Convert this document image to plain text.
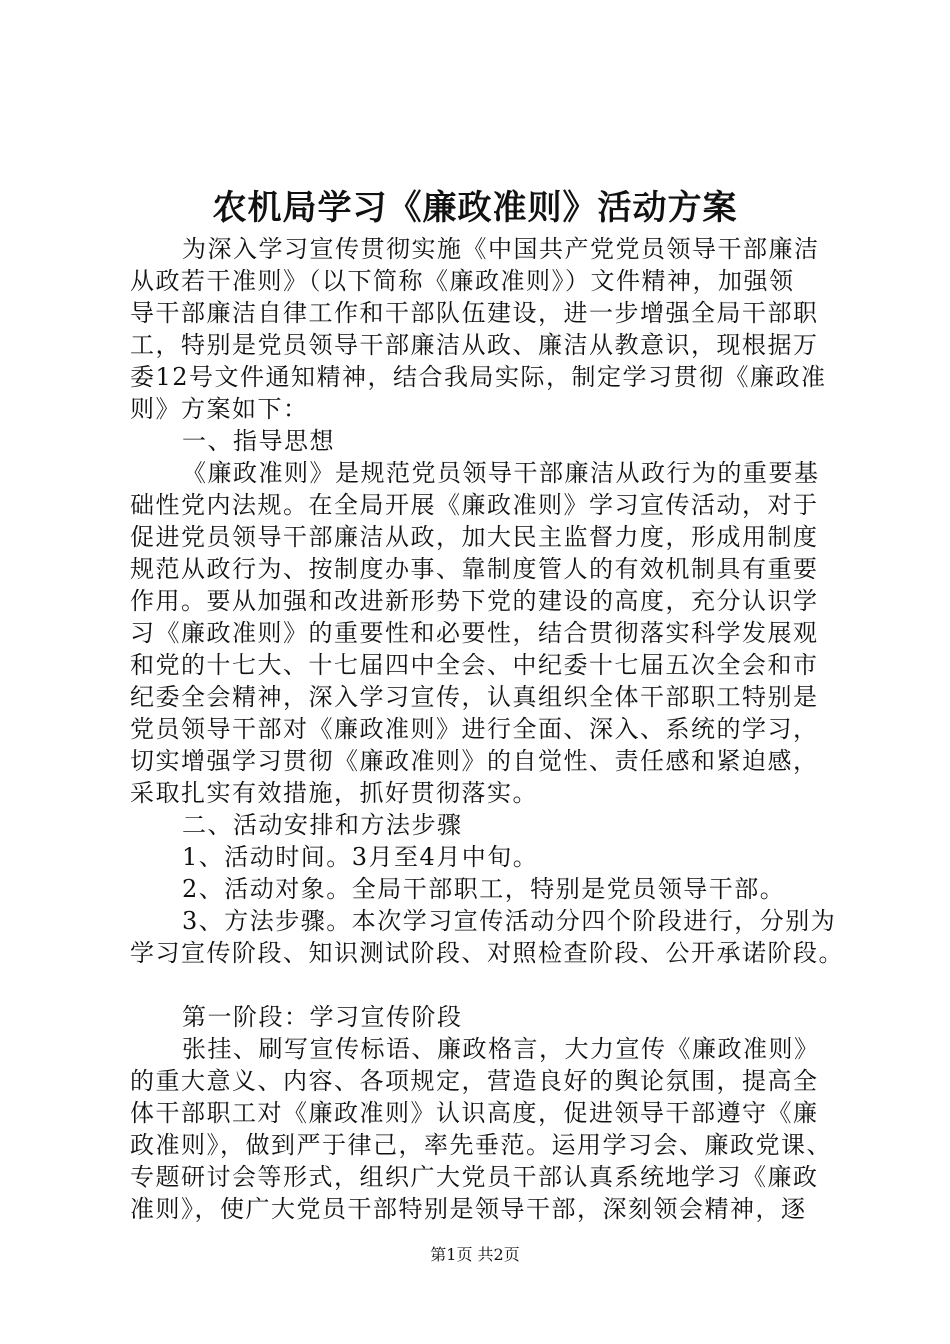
农机局学习《廉政准则》活动方案
为深入学习宣传贯彻实施《中国共产党党员领导干部廉洁
从政若干准则》（以下简称《廉政准则》）文件精神，加强领
导干部廉洁自律工作和干部队伍建设，进一步增强全局干部职
工，特别是党员领导干部廉洁从政、廉洁从教意识，现根据万
委12号文件通知精神，结合我局实际，制定学习贯彻《廉政准
则》方案如下：
一、指导思想
《廉政准则》是规范党员领导干部廉洁从政行为的重要基
础性党内法规。在全局开展《廉政准则》学习宣传活动，对于
促进党员领导干部廉洁从政，加大民主监督力度，形成用制度
规范从政行为、按制度办事、靠制度管人的有效机制具有重要
作用。要从加强和改进新形势下党的建设的高度，充分认识学
习《廉政准则》的重要性和必要性，结合贯彻落实科学发展观
和党的十七大、十七届四中全会、中纪委十七届五次全会和市
纪委全会精神，深入学习宣传，认真组织全体干部职工特别是
党员领导干部对《廉政准则》进行全面、深入、系统的学习，
切实增强学习贯彻《廉政准则》的自觉性、责任感和紧迫感，
采取扎实有效措施，抓好贯彻落实。
二、活动安排和方法步骤
1、活动时间。3月至4月中旬。
2、活动对象。全局干部职工，特别是党员领导干部。
3、方法步骤。本次学习宣传活动分四个阶段进行，分别为
学习宣传阶段、知识测试阶段、对照检查阶段、公开承诺阶段。
第一阶段：学习宣传阶段
张挂、刷写宣传标语、廉政格言，大力宣传《廉政准则》
的重大意义、内容、各项规定，营造良好的舆论氛围，提高全
体干部职工对《廉政准则》认识高度，促进领导干部遵守《廉
政准则》，做到严于律己，率先垂范。运用学习会、廉政党课、
专题研讨会等形式，组织广大党员干部认真系统地学习《廉政
准则》，使广大党员干部特别是领导干部，深刻领会精神，逐
第1页 共2页
